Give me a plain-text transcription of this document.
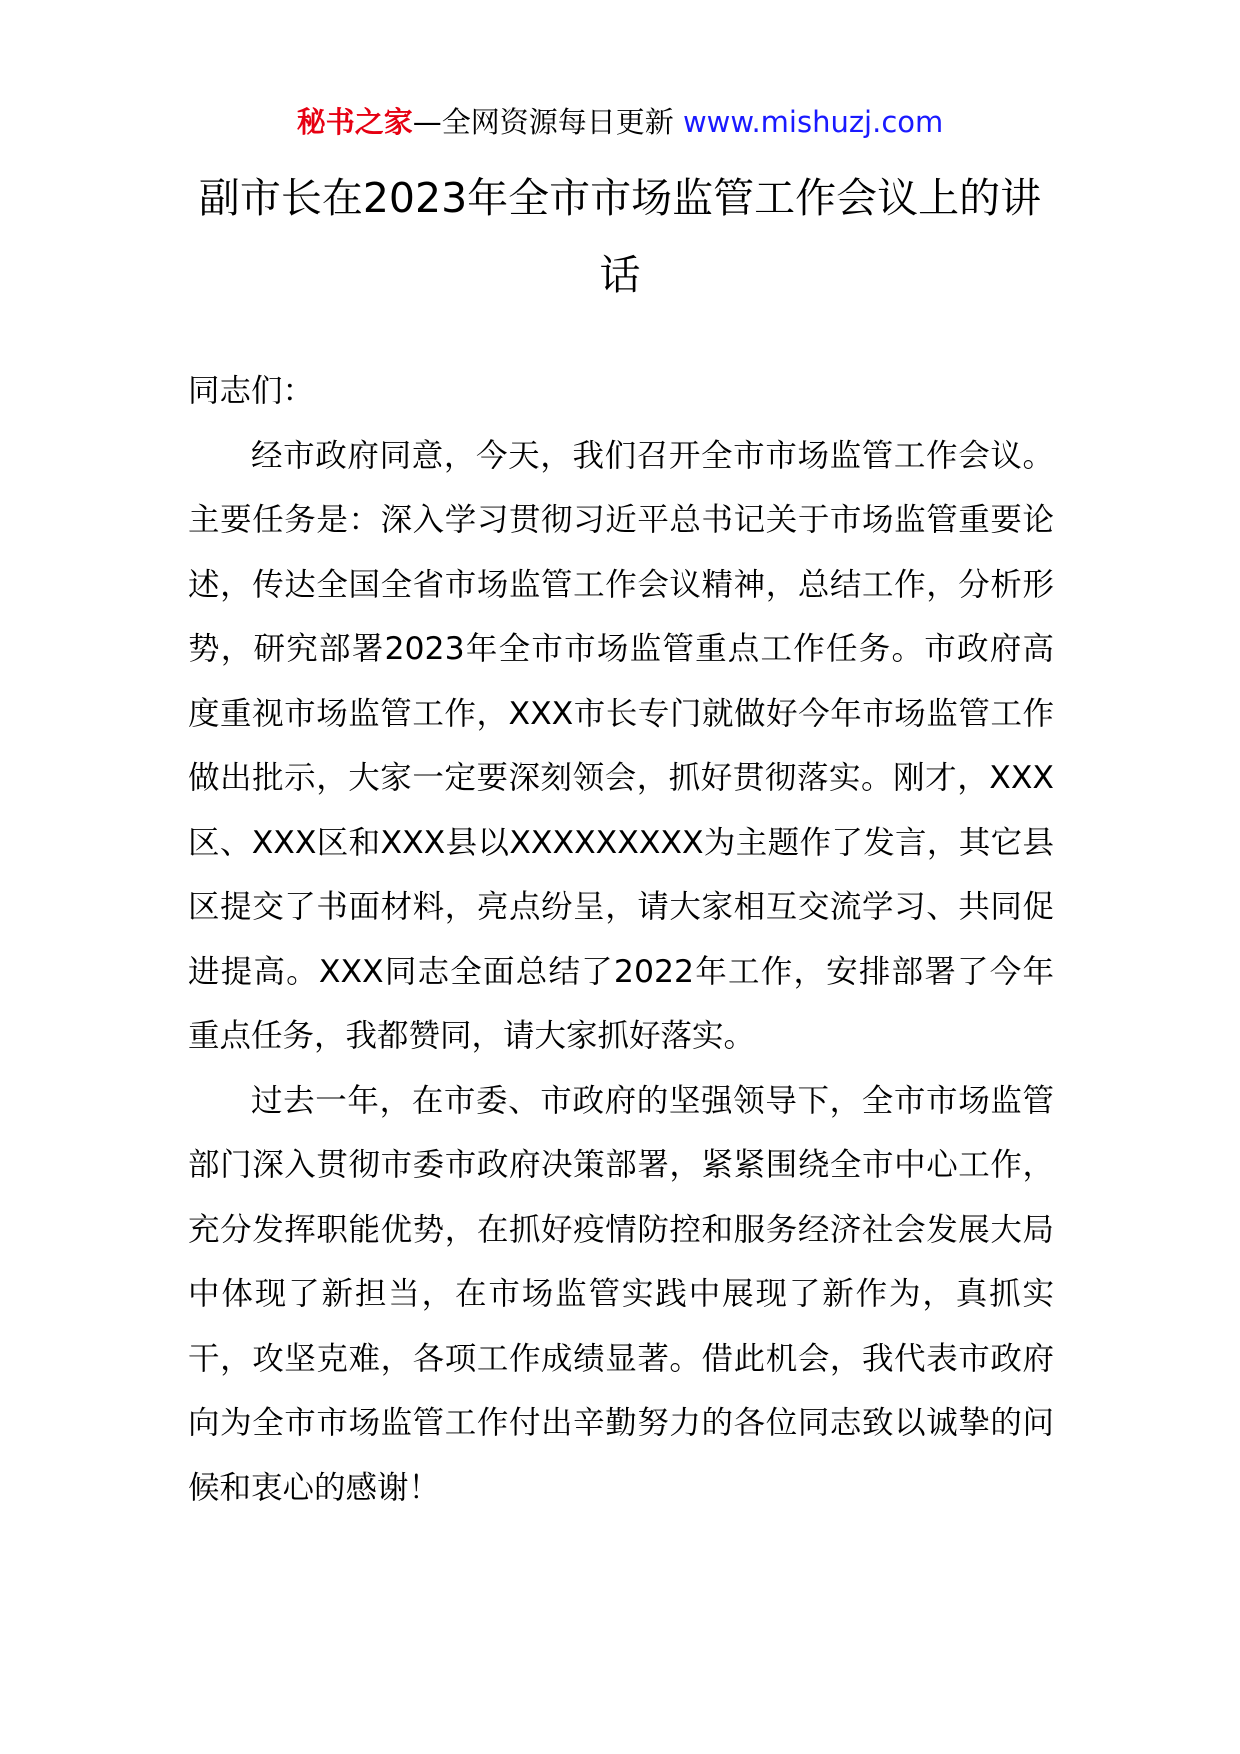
秘书之家—全网资源每日更新 www.mishuzj.com
副市长在2023年全市市场监管工作会议上的讲话

同志们：

经市政府同意，今天，我们召开全市市场监管工作会议。主要任务是：深入学习贯彻习近平总书记关于市场监管重要论述，传达全国全省市场监管工作会议精神，总结工作，分析形势，研究部署2023年全市市场监管重点工作任务。市政府高度重视市场监管工作，XXX市长专门就做好今年市场监管工作做出批示，大家一定要深刻领会，抓好贯彻落实。刚才，XXX区、XXX区和XXX县以XXXXXXXXX为主题作了发言，其它县区提交了书面材料，亮点纷呈，请大家相互交流学习、共同促进提高。XXX同志全面总结了2022年工作，安排部署了今年重点任务，我都赞同，请大家抓好落实。

过去一年，在市委、市政府的坚强领导下，全市市场监管部门深入贯彻市委市政府决策部署，紧紧围绕全市中心工作，充分发挥职能优势，在抓好疫情防控和服务经济社会发展大局中体现了新担当，在市场监管实践中展现了新作为，真抓实干，攻坚克难，各项工作成绩显著。借此机会，我代表市政府向为全市市场监管工作付出辛勤努力的各位同志致以诚挚的问候和衷心的感谢！
